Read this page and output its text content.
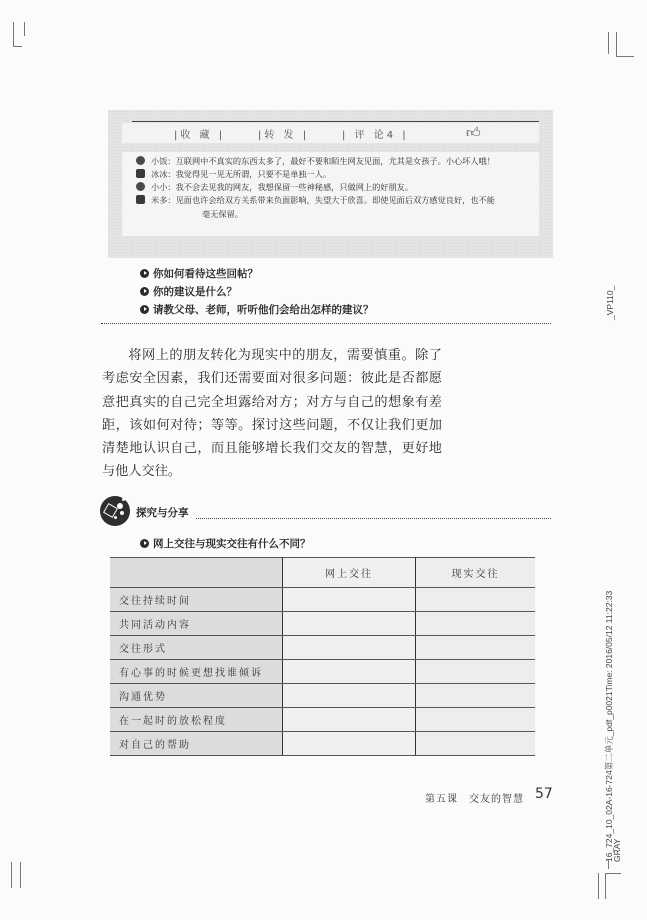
|收 藏 |	|转 发 |	| 评 论4 |	👍︎
小饭：互联网中不真实的东西太多了，最好不要和陌生网友见面，尤其是女孩子。小心坏人哦！
冰冰：我觉得见一见无所谓，只要不是单独一人。
小小：我不会去见我的网友，我想保留一些神秘感，只做网上的好朋友。
米多：见面也许会给双方关系带来负面影响，失望大于欣喜。即使见面后双方感觉良好，也不能
毫无保留。
你如何看待这些回帖？
你的建议是什么？
请教父母、老师，听听他们会给出怎样的建议？
将网上的朋友转化为现实中的朋友，需要慎重。除了考虑安全因素，我们还需要面对很多问题：彼此是否都愿意把真实的自己完全坦露给对方；对方与自己的想象有差距，该如何对待；等等。探讨这些问题，不仅让我们更加清楚地认识自己，而且能够增长我们交友的智慧，更好地与他人交往。
探究与分享
网上交往与现实交往有什么不同？
	网上交往	现实交往
交往持续时间		
共同活动内容		
交往形式		
有心事的时候更想找谁倾诉		
沟通优势		
在一起时的放松程度		
对自己的帮助		
第五课　交友的智慧 57
_VP110_
16_724_10_02A-16-724第二单元_pdf_p0021Time: 2016/05/12 11:22:33
GRAY
